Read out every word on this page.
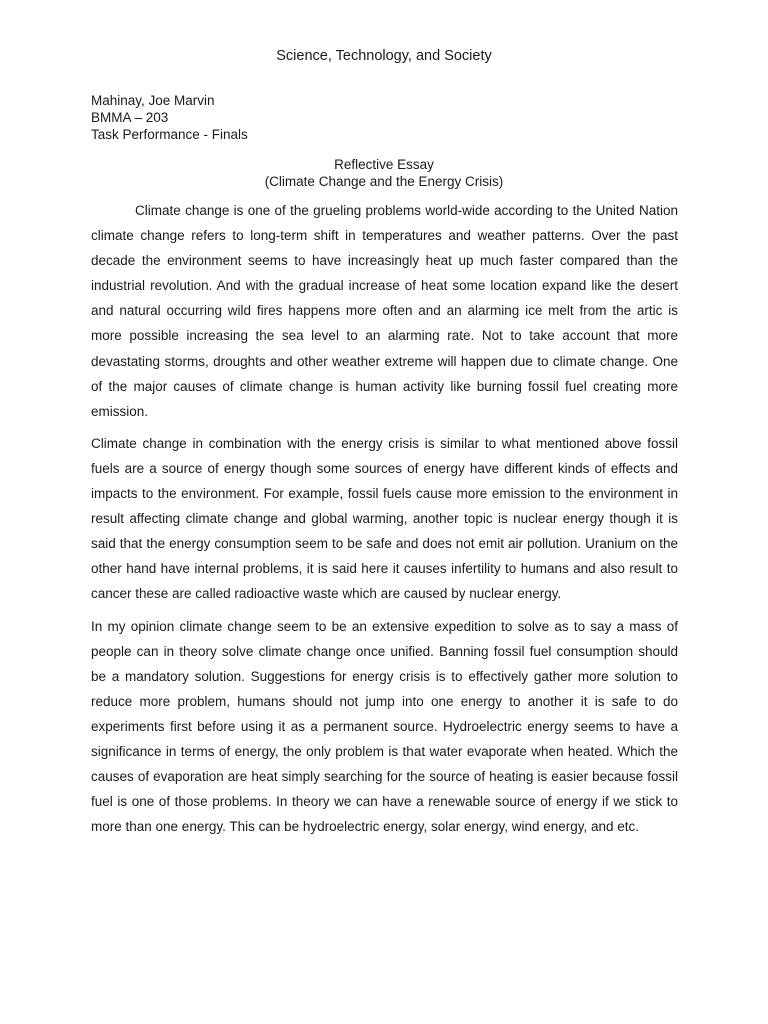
Science, Technology, and Society
Mahinay, Joe Marvin
BMMA – 203
Task Performance - Finals
Reflective Essay
(Climate Change and the Energy Crisis)

Climate change is one of the grueling problems world-wide according to the United Nation climate change refers to long-term shift in temperatures and weather patterns. Over the past decade the environment seems to have increasingly heat up much faster compared than the industrial revolution. And with the gradual increase of heat some location expand like the desert and natural occurring wild fires happens more often and an alarming ice melt from the artic is more possible increasing the sea level to an alarming rate. Not to take account that more devastating storms, droughts and other weather extreme will happen due to climate change. One of the major causes of climate change is human activity like burning fossil fuel creating more emission.

Climate change in combination with the energy crisis is similar to what mentioned above fossil fuels are a source of energy though some sources of energy have different kinds of effects and impacts to the environment. For example, fossil fuels cause more emission to the environment in result affecting climate change and global warming, another topic is nuclear energy though it is said that the energy consumption seem to be safe and does not emit air pollution. Uranium on the other hand have internal problems, it is said here it causes infertility to humans and also result to cancer these are called radioactive waste which are caused by nuclear energy.

In my opinion climate change seem to be an extensive expedition to solve as to say a mass of people can in theory solve climate change once unified. Banning fossil fuel consumption should be a mandatory solution. Suggestions for energy crisis is to effectively gather more solution to reduce more problem, humans should not jump into one energy to another it is safe to do experiments first before using it as a permanent source. Hydroelectric energy seems to have a significance in terms of energy, the only problem is that water evaporate when heated. Which the causes of evaporation are heat simply searching for the source of heating is easier because fossil fuel is one of those problems. In theory we can have a renewable source of energy if we stick to more than one energy. This can be hydroelectric energy, solar energy, wind energy, and etc.
